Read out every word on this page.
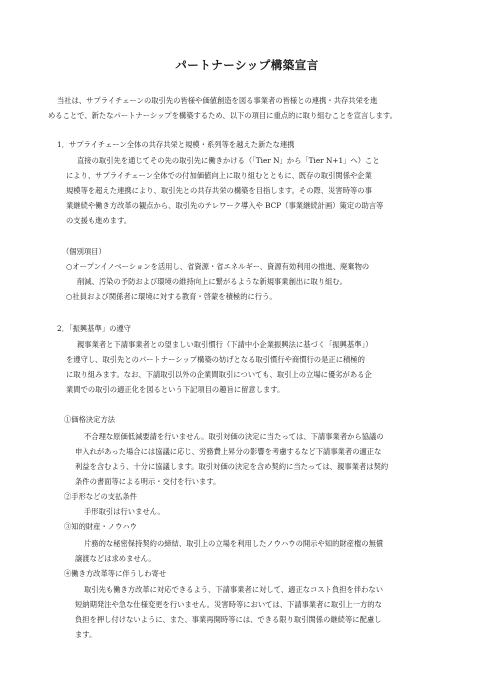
パートナーシップ構築宣言
当社は、サプライチェーンの取引先の皆様や価値創造を図る事業者の皆様との連携・共存共栄を進
めることで、新たなパートナーシップを構築するため、以下の項目に重点的に取り組むことを宣言します。
1．サプライチェーン全体の共存共栄と規模・系列等を越えた新たな連携
直接の取引先を通じてその先の取引先に働きかける（「Tier N」から「Tier N+1」へ）こと
により、サプライチェーン全体での付加価値向上に取り組むとともに、既存の取引関係や企業
規模等を超えた連携により、取引先との共存共栄の構築を目指します。その際、災害時等の事
業継続や働き方改革の観点から、取引先のテレワーク導入や BCP（事業継続計画）策定の助言等
の支援も進めます。
（個別項目）
○オープンイノベーションを活用し、省資源・省エネルギー、資源有効利用の推進、廃棄物の
削減、汚染の予防および環境の維持向上に繋がるような新規事業創出に取り組む。
○社員および関係者に環境に対する教育・啓蒙を積極的に行う。
2．「振興基準」の遵守
親事業者と下請事業者との望ましい取引慣行（下請中小企業振興法に基づく「振興基準」）
を遵守し、取引先とのパートナーシップ構築の妨げとなる取引慣行や商慣行の是正に積極的
に取り組みます。なお、下請取引以外の企業間取引についても、取引上の立場に優劣がある企
業間での取引の適正化を図るという下記項目の趣旨に留意します。
①価格決定方法
不合理な原価低減要請を行いません。取引対価の決定に当たっては、下請事業者から協議の
申入れがあった場合には協議に応じ、労務費上昇分の影響を考慮するなど下請事業者の適正な
利益を含むよう、十分に協議します。取引対価の決定を含め契約に当たっては、親事業者は契約
条件の書面等による明示・交付を行います。
②手形などの支払条件
手形取引は行いません。
③知的財産・ノウハウ
片務的な秘密保持契約の締結、取引上の立場を利用したノウハウの開示や知的財産権の無償
譲渡などは求めません。
④働き方改革等に伴うしわ寄せ
取引先も働き方改革に対応できるよう、下請事業者に対して、適正なコスト負担を伴わない
短納期発注や急な仕様変更を行いません。災害時等においては、下請事業者に取引上一方的な
負担を押し付けないように、また、事業再開時等には、できる限り取引関係の継続等に配慮し
ます。
